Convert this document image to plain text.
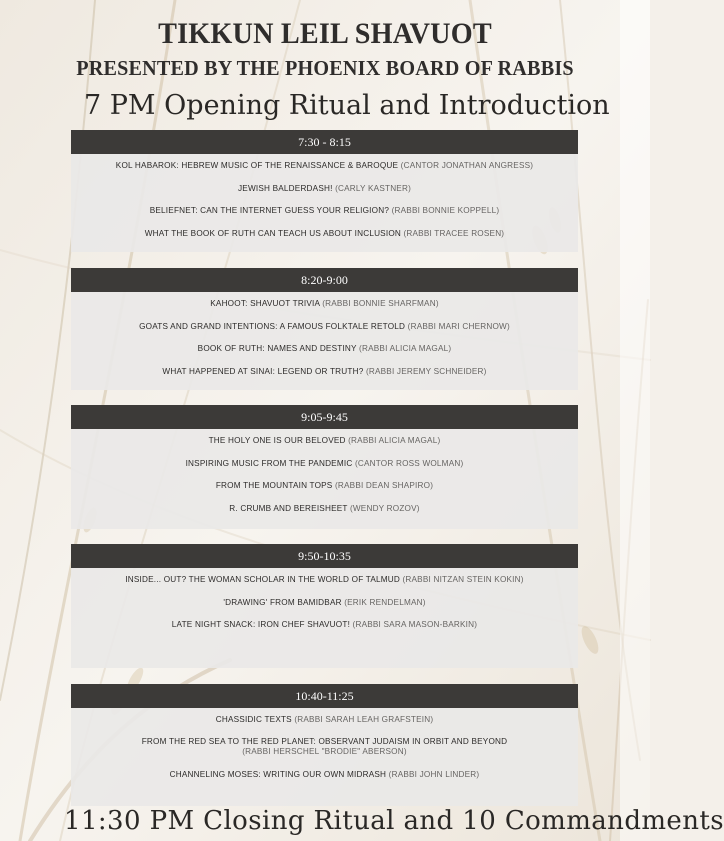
TIKKUN LEIL SHAVUOT
PRESENTED BY THE PHOENIX BOARD OF RABBIS
7 PM Opening Ritual and Introduction
7:30 - 8:15
KOL HABAROK: HEBREW MUSIC OF THE RENAISSANCE & BAROQUE (CANTOR JONATHAN ANGRESS)
JEWISH BALDERDASH! (CARLY KASTNER)
BELIEFNET: CAN THE INTERNET GUESS YOUR RELIGION? (RABBI BONNIE KOPPELL)
WHAT THE BOOK OF RUTH CAN TEACH US ABOUT INCLUSION (RABBI TRACEE ROSEN)
8:20-9:00
KAHOOT: SHAVUOT TRIVIA (RABBI BONNIE SHARFMAN)
GOATS AND GRAND INTENTIONS: A FAMOUS FOLKTALE RETOLD (RABBI MARI CHERNOW)
BOOK OF RUTH: NAMES AND DESTINY (RABBI ALICIA MAGAL)
WHAT HAPPENED AT SINAI: LEGEND OR TRUTH? (RABBI JEREMY SCHNEIDER)
9:05-9:45
THE HOLY ONE IS OUR BELOVED (RABBI ALICIA MAGAL)
INSPIRING MUSIC FROM THE PANDEMIC (CANTOR ROSS WOLMAN)
FROM THE MOUNTAIN TOPS (RABBI DEAN SHAPIRO)
R. CRUMB AND BEREISHEET (WENDY ROZOV)
9:50-10:35
INSIDE... OUT? THE WOMAN SCHOLAR IN THE WORLD OF TALMUD (RABBI NITZAN STEIN KOKIN)
'DRAWING' FROM BAMIDBAR (ERIK RENDELMAN)
LATE NIGHT SNACK: IRON CHEF SHAVUOT! (RABBI SARA MASON-BARKIN)
10:40-11:25
CHASSIDIC TEXTS (RABBI SARAH LEAH GRAFSTEIN)
FROM THE RED SEA TO THE RED PLANET: OBSERVANT JUDAISM IN ORBIT AND BEYOND
(RABBI HERSCHEL "BRODIE" ABERSON)
CHANNELING MOSES: WRITING OUR OWN MIDRASH (RABBI JOHN LINDER)
11:30 PM Closing Ritual and 10 Commandments
